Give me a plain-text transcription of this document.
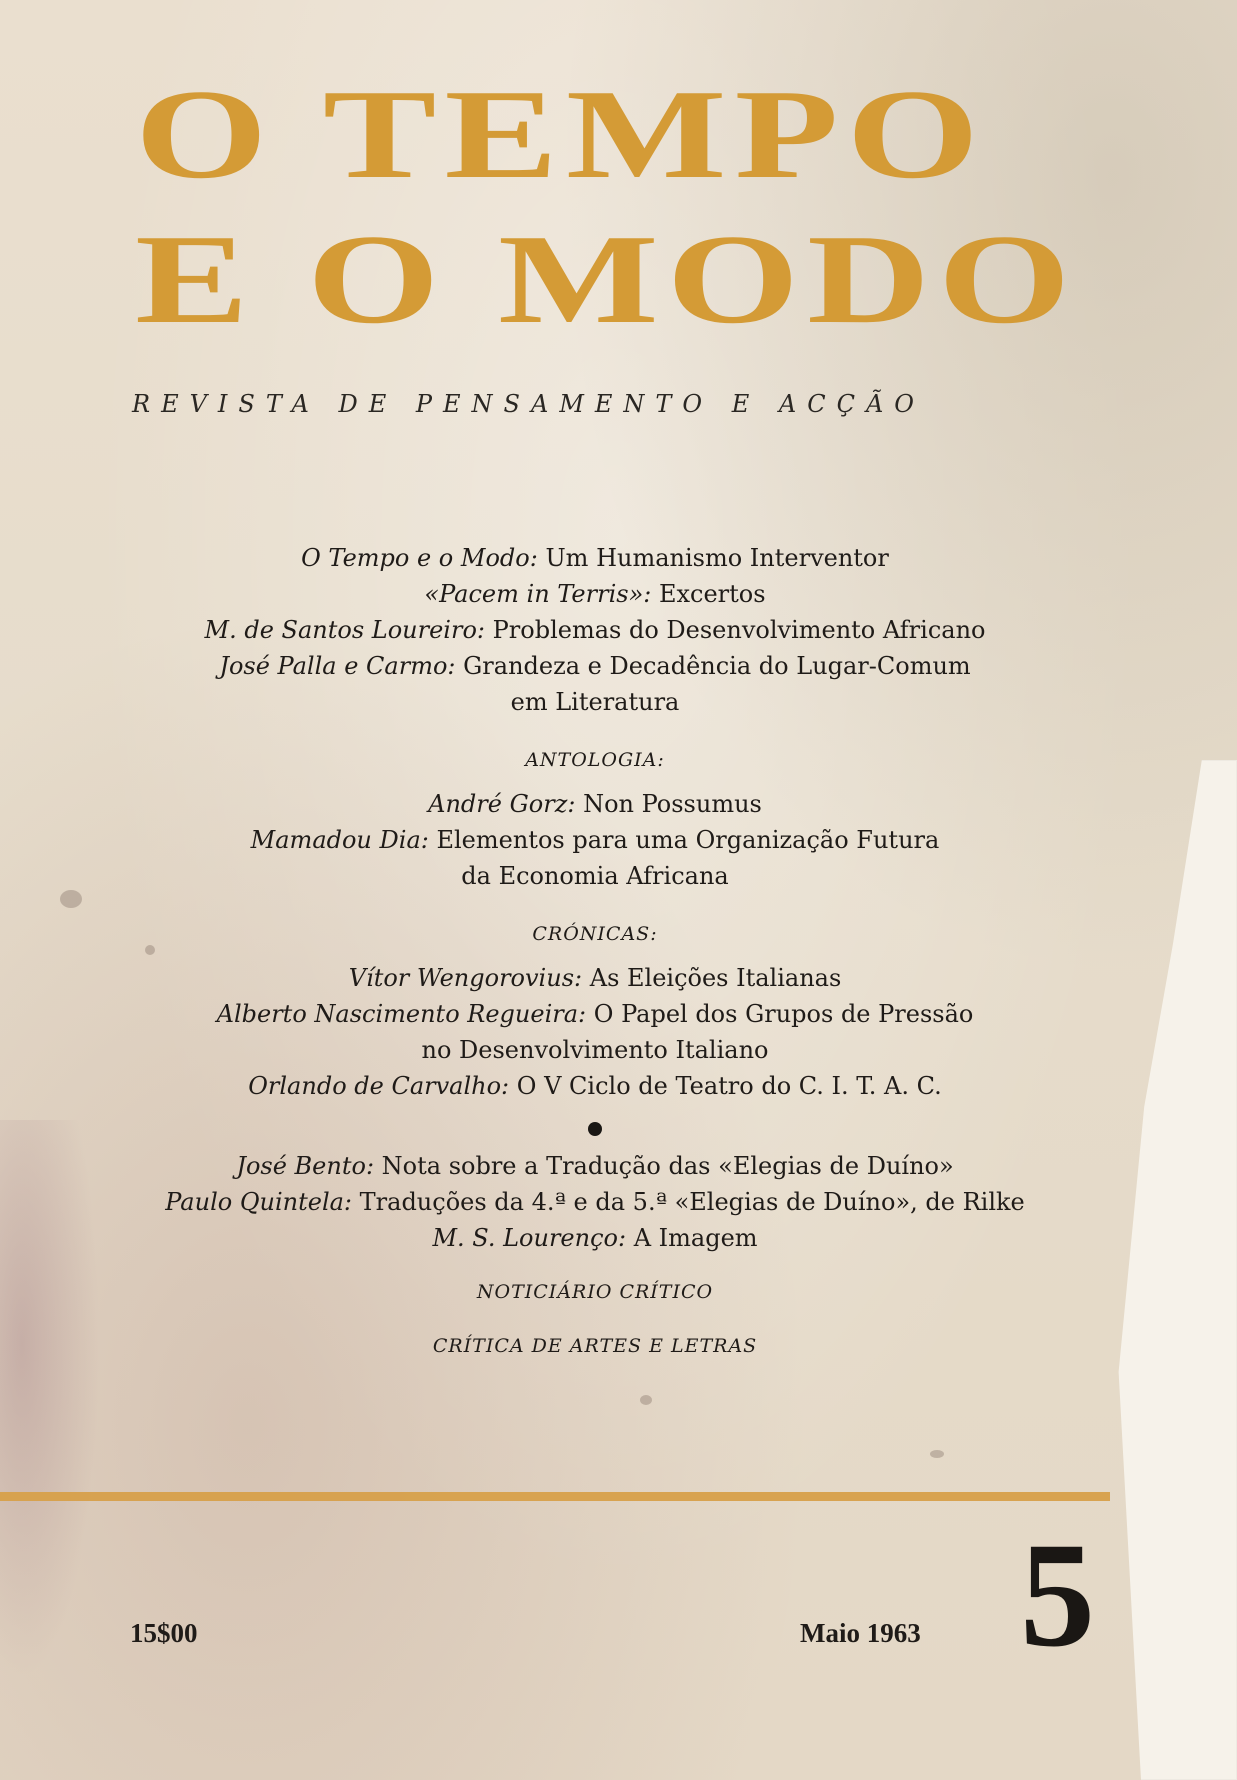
O TEMPO
E O MODO
REVISTA DE PENSAMENTO E ACÇÃO
O Tempo e o Modo: Um Humanismo Interventor
«Pacem in Terris»: Excertos
M. de Santos Loureiro: Problemas do Desenvolvimento Africano
José Palla e Carmo: Grandeza e Decadência do Lugar-Comum
em Literatura
ANTOLOGIA:
André Gorz: Non Possumus
Mamadou Dia: Elementos para uma Organização Futura
da Economia Africana
CRÓNICAS:
Vítor Wengorovius: As Eleições Italianas
Alberto Nascimento Regueira: O Papel dos Grupos de Pressão
no Desenvolvimento Italiano
Orlando de Carvalho: O V Ciclo de Teatro do C. I. T. A. C.
José Bento: Nota sobre a Tradução das «Elegias de Duíno»
Paulo Quintela: Traduções da 4.ª e da 5.ª «Elegias de Duíno», de Rilke
M. S. Lourenço: A Imagem
NOTICIÁRIO CRÍTICO
CRÍTICA DE ARTES E LETRAS
15$00	Maio 1963 5
